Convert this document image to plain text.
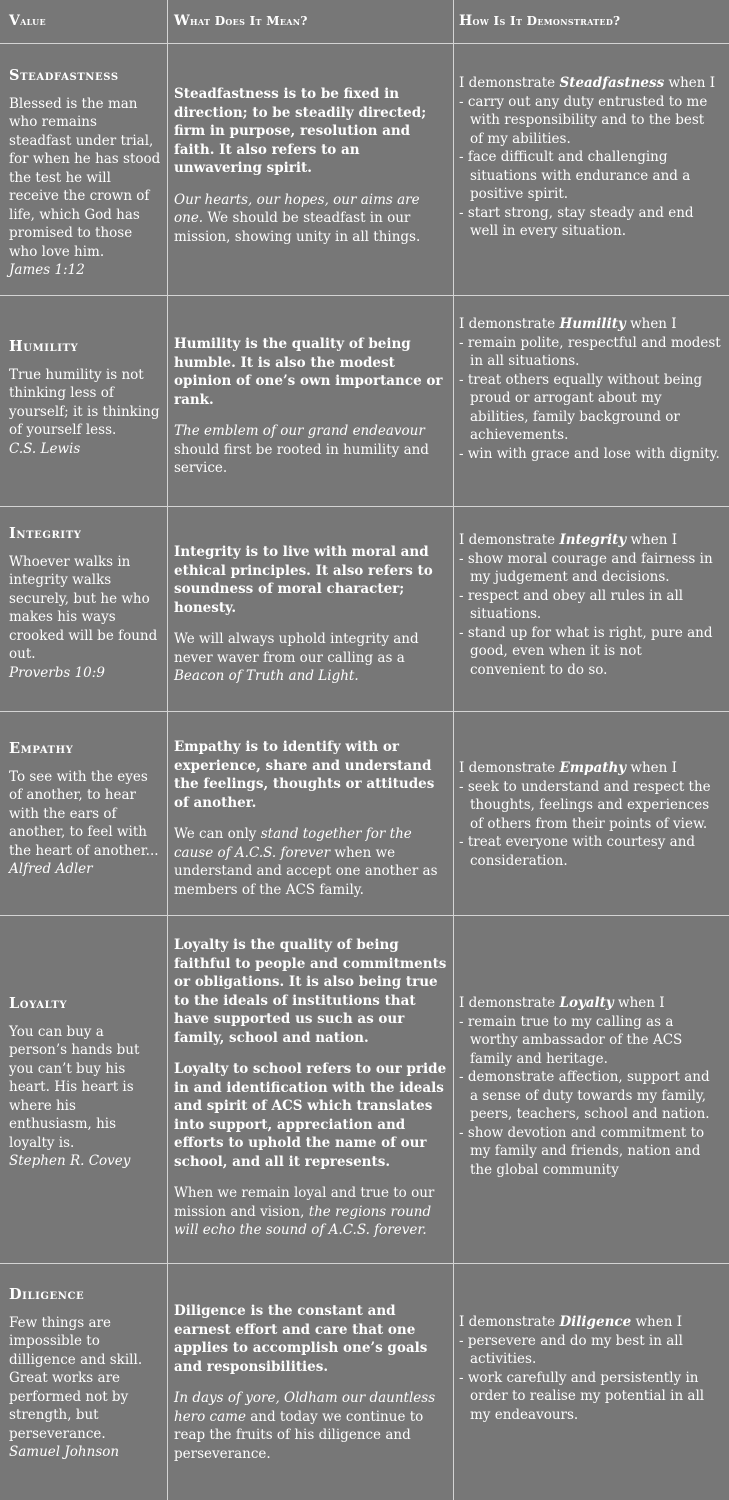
Value	What Does It Mean?	How Is It Demonstrated?
Steadfastness
Blessed is the man who remains steadfast under trial, for when he has stood the test he will receive the crown of life, which God has promised to those who love him.
James 1:12
Steadfastness is to be fixed in direction; to be steadily directed; firm in purpose, resolution and faith. It also refers to an unwavering spirit.
Our hearts, our hopes, our aims are one. We should be steadfast in our mission, showing unity in all things.
I demonstrate Steadfastness when I
- carry out any duty entrusted to me with responsibility and to the best of my abilities.
- face difficult and challenging situations with endurance and a positive spirit.
- start strong, stay steady and end well in every situation.
Humility
True humility is not thinking less of yourself; it is thinking of yourself less.
C.S. Lewis
Humility is the quality of being humble. It is also the modest opinion of one’s own importance or rank.
The emblem of our grand endeavour should first be rooted in humility and service.
I demonstrate Humility when I
- remain polite, respectful and modest in all situations.
- treat others equally without being proud or arrogant about my abilities, family background or achievements.
- win with grace and lose with dignity.
Integrity
Whoever walks in integrity walks securely, but he who makes his ways crooked will be found out.
Proverbs 10:9
Integrity is to live with moral and ethical principles. It also refers to soundness of moral character; honesty.
We will always uphold integrity and never waver from our calling as a Beacon of Truth and Light.
I demonstrate Integrity when I
- show moral courage and fairness in my judgement and decisions.
- respect and obey all rules in all situations.
- stand up for what is right, pure and good, even when it is not convenient to do so.
Empathy
To see with the eyes of another, to hear with the ears of another, to feel with the heart of another...
Alfred Adler
Empathy is to identify with or experience, share and understand the feelings, thoughts or attitudes of another.
We can only stand together for the cause of A.C.S. forever when we understand and accept one another as members of the ACS family.
I demonstrate Empathy when I
- seek to understand and respect the thoughts, feelings and experiences of others from their points of view.
- treat everyone with courtesy and consideration.
Loyalty
You can buy a person’s hands but you can’t buy his heart. His heart is where his enthusiasm, his loyalty is.
Stephen R. Covey
Loyalty is the quality of being faithful to people and commitments or obligations. It is also being true to the ideals of institutions that have supported us such as our family, school and nation.
Loyalty to school refers to our pride in and identification with the ideals and spirit of ACS which translates into support, appreciation and efforts to uphold the name of our school, and all it represents.
When we remain loyal and true to our mission and vision, the regions round will echo the sound of A.C.S. forever.
I demonstrate Loyalty when I
- remain true to my calling as a worthy ambassador of the ACS family and heritage.
- demonstrate affection, support and a sense of duty towards my family, peers, teachers, school and nation.
- show devotion and commitment to my family and friends, nation and the global community
Diligence
Few things are impossible to dilligence and skill. Great works are performed not by strength, but perseverance.
Samuel Johnson
Diligence is the constant and earnest effort and care that one applies to accomplish one’s goals and responsibilities.
In days of yore, Oldham our dauntless hero came and today we continue to reap the fruits of his diligence and perseverance.
I demonstrate Diligence when I
- persevere and do my best in all activities.
- work carefully and persistently in order to realise my potential in all my endeavours.
